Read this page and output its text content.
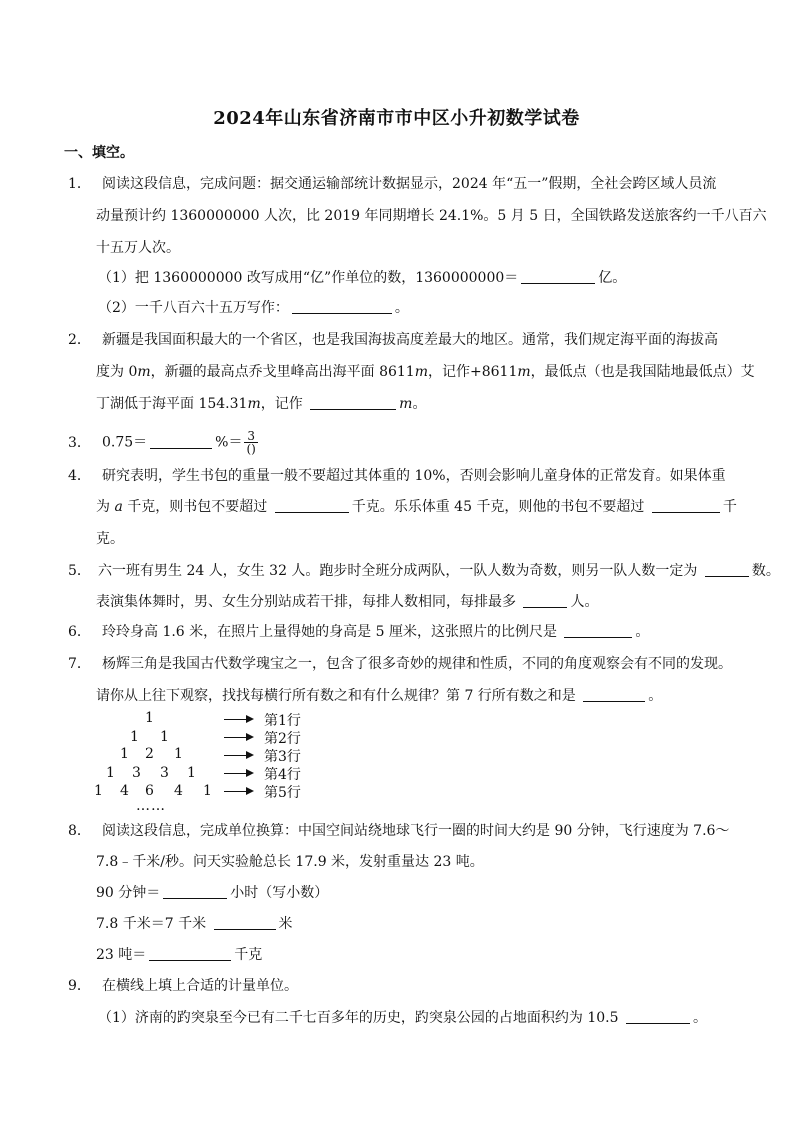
2024年山东省济南市市中区小升初数学试卷
一、填空。
1． 阅读这段信息，完成问题：据交通运输部统计数据显示，2024 年“五一”假期，全社会跨区域人员流
动量预计约 1360000000 人次，比 2019 年同期增长 24.1%。5 月 5 日，全国铁路发送旅客约一千八百六
十五万人次。
（1）把 1360000000 改写成用“亿”作单位的数，1360000000＝	亿。
（2）一千八百六十五万写作：	。
2． 新疆是我国面积最大的一个省区，也是我国海拔高度差最大的地区。通常，我们规定海平面的海拔高
度为 0m，新疆的最高点乔戈里峰高出海平面 8611m，记作+8611m，最低点（也是我国陆地最低点）艾
丁湖低于海平面 154.31m，记作	m。
3． 0.75＝	%＝ $\frac{3}{()}$
4． 研究表明，学生书包的重量一般不要超过其体重的 10%，否则会影响儿童身体的正常发育。如果体重
为 a 千克，则书包不要超过	千克。乐乐体重 45 千克，则他的书包不要超过	千
克。
5． 六一班有男生 24 人，女生 32 人。跑步时全班分成两队，一队人数为奇数，则另一队人数一定为	数。
表演集体舞时，男、女生分别站成若干排，每排人数相同，每排最多	人。
6． 玲玲身高 1.6 米，在照片上量得她的身高是 5 厘米，这张照片的比例尺是	。
7． 杨辉三角是我国古代数学瑰宝之一，包含了很多奇妙的规律和性质，不同的角度观察会有不同的发现。
请你从上往下观察，找找每横行所有数之和有什么规律？第 7 行所有数之和是	。
1
1 1
1 2 1
1 3 3 1
1 4 6 4 1
第1行
第2行
第3行
第4行
第5行
……
8． 阅读这段信息，完成单位换算：中国空间站绕地球飞行一圈的时间大约是 90 分钟，飞行速度为 7.6～
7.8﹣千米/秒。问天实验舱总长 17.9 米，发射重量达 23 吨。
90 分钟＝	小时（写小数）
7.8 千米＝7 千米	米
23 吨＝	千克
9． 在横线上填上合适的计量单位。
（1）济南的趵突泉至今已有二千七百多年的历史，趵突泉公园的占地面积约为 10.5	。
